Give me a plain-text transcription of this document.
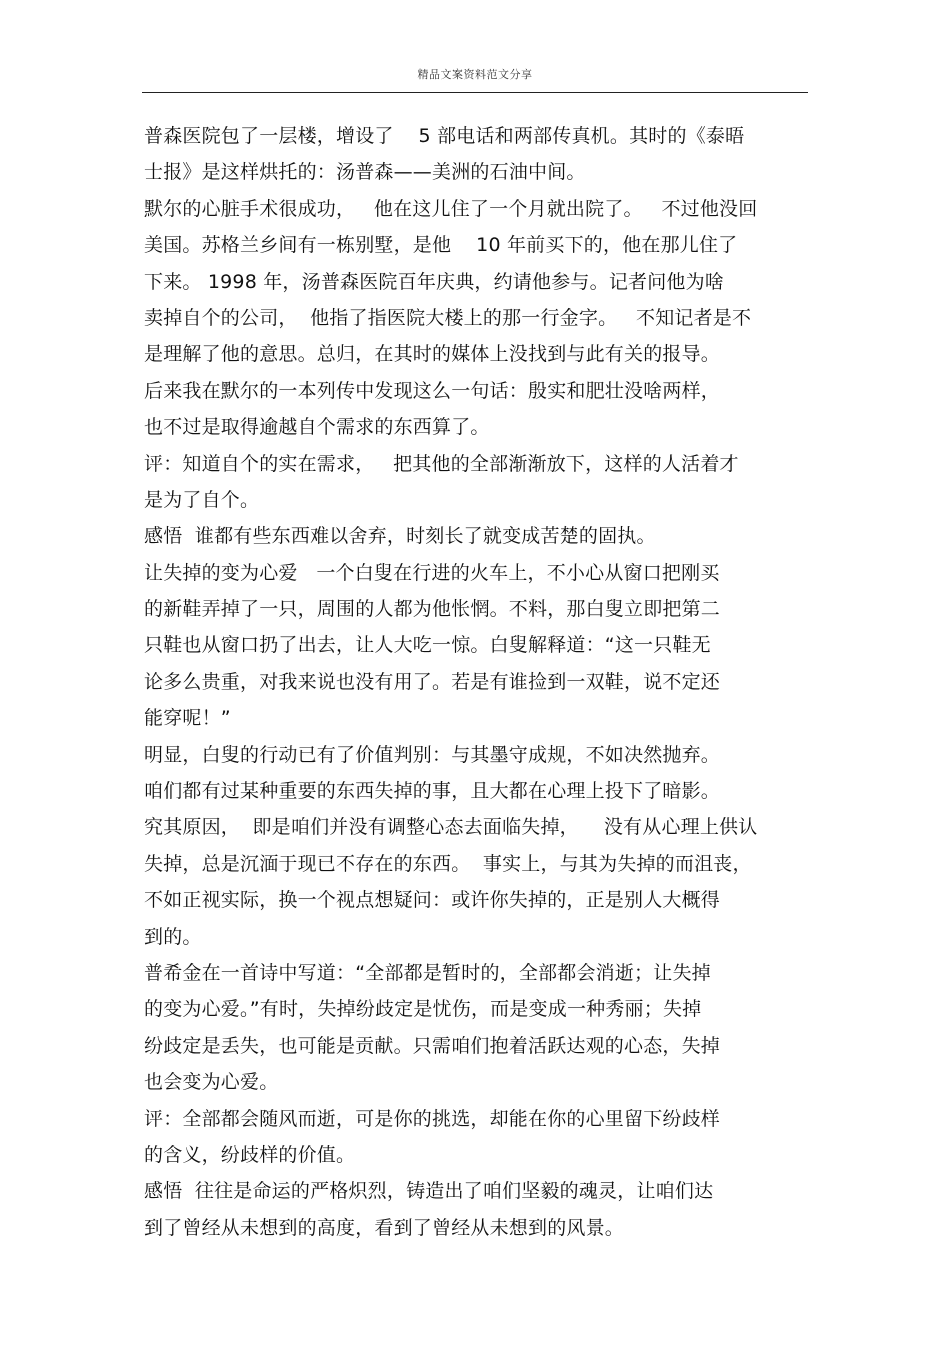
精品文案资料范文分享
普森医院包了一层楼，增设了    5 部电话和两部传真机。其时的《泰晤
士报》是这样烘托的：汤普森——美洲的石油中间。
默尔的心脏手术很成功，   他在这儿住了一个月就出院了。   不过他没回
美国。苏格兰乡间有一栋别墅，是他    10 年前买下的，他在那儿住了
下来。 1998 年，汤普森医院百年庆典，约请他参与。记者问他为啥
卖掉自个的公司，  他指了指医院大楼上的那一行金字。   不知记者是不
是理解了他的意思。总归，在其时的媒体上没找到与此有关的报导。
后来我在默尔的一本列传中发现这么一句话：殷实和肥壮没啥两样，
也不过是取得逾越自个需求的东西算了。
评：知道自个的实在需求，   把其他的全部渐渐放下，这样的人活着才
是为了自个。
感悟  谁都有些东西难以舍弃，时刻长了就变成苦楚的固执。
让失掉的变为心爱   一个白叟在行进的火车上，不小心从窗口把刚买
的新鞋弄掉了一只，周围的人都为他怅惘。不料，那白叟立即把第二
只鞋也从窗口扔了出去，让人大吃一惊。白叟解释道：“这一只鞋无
论多么贵重，对我来说也没有用了。若是有谁捡到一双鞋，说不定还
能穿呢！”
明显，白叟的行动已有了价值判别：与其墨守成规，不如决然抛弃。
咱们都有过某种重要的东西失掉的事，且大都在心理上投下了暗影。
究其原因，  即是咱们并没有调整心态去面临失掉，    没有从心理上供认
失掉，总是沉湎于现已不存在的东西。  事实上，与其为失掉的而沮丧，
不如正视实际，换一个视点想疑问：或许你失掉的，正是别人大概得
到的。
普希金在一首诗中写道：“全部都是暂时的，全部都会消逝；让失掉
的变为心爱。”有时，失掉纷歧定是忧伤，而是变成一种秀丽；失掉
纷歧定是丢失，也可能是贡献。只需咱们抱着活跃达观的心态，失掉
也会变为心爱。
评：全部都会随风而逝，可是你的挑选，却能在你的心里留下纷歧样
的含义，纷歧样的价值。
感悟  往往是命运的严格炽烈，铸造出了咱们坚毅的魂灵，让咱们达
到了曾经从未想到的高度，看到了曾经从未想到的风景。
